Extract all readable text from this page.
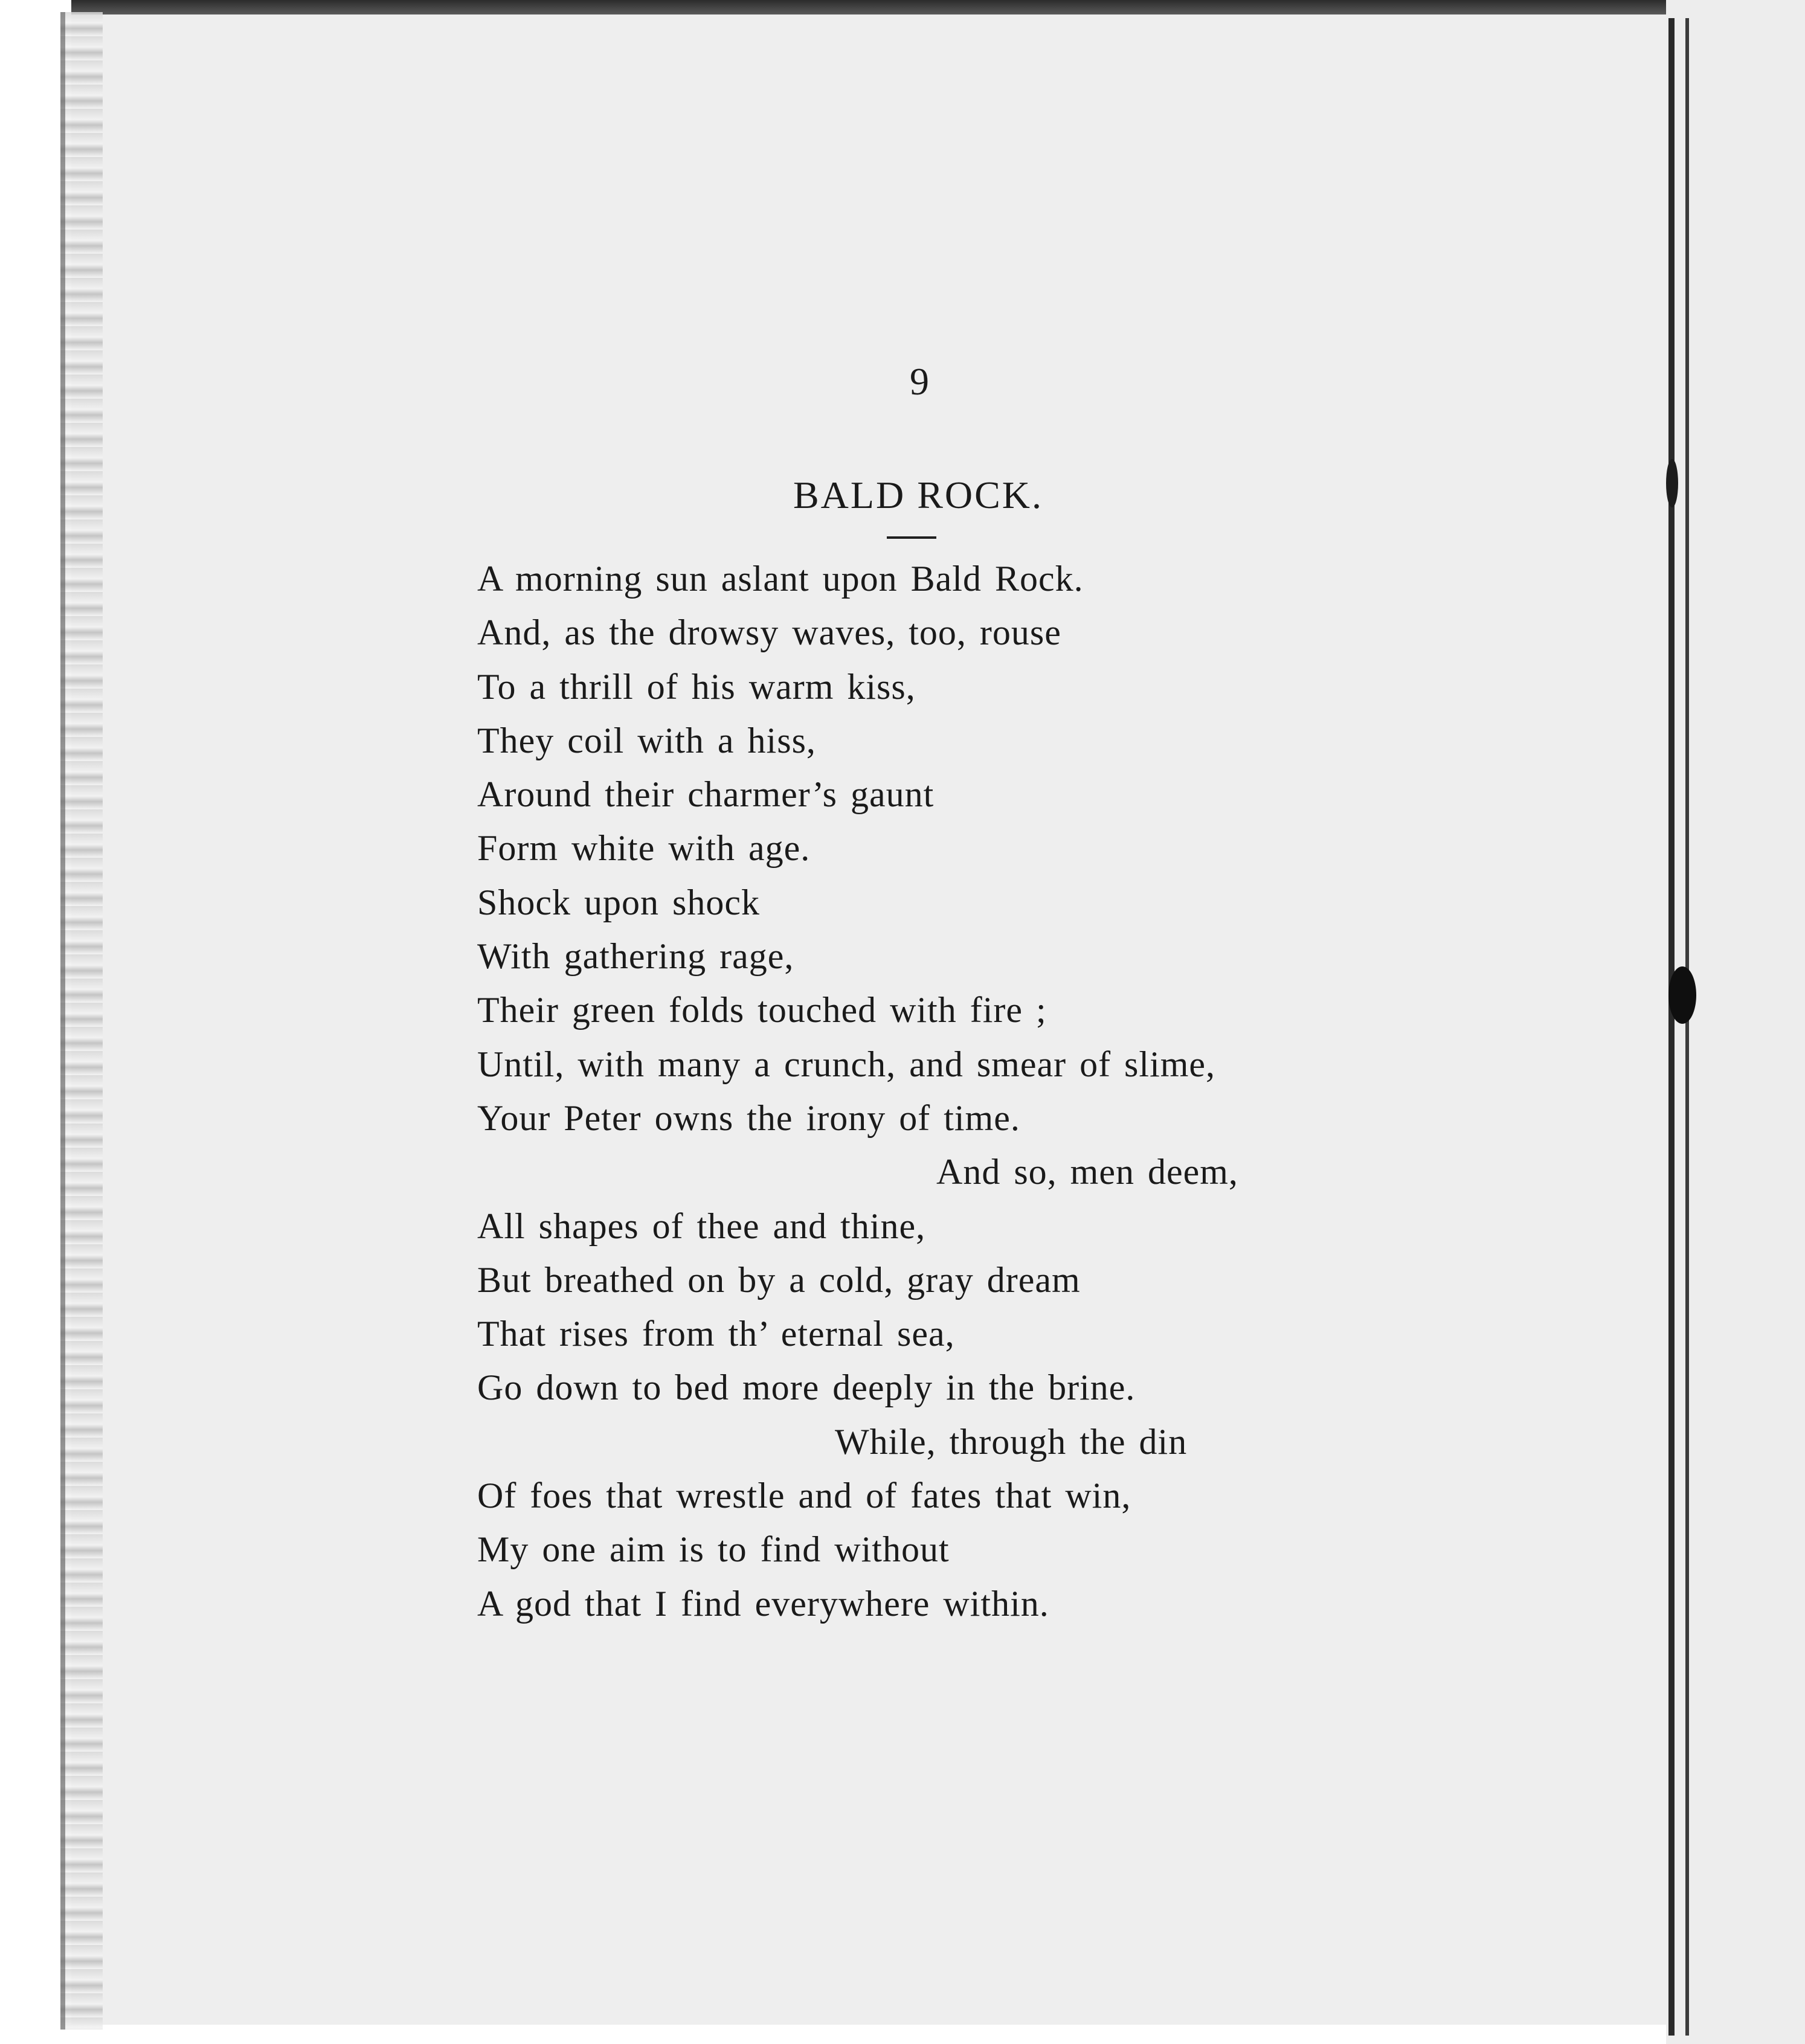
9
BALD ROCK.
A morning sun aslant upon Bald Rock.
And, as the drowsy waves, too, rouse
To a thrill of his warm kiss,
They coil with a hiss,
Around their charmer’s gaunt
Form white with age.
Shock upon shock
With gathering rage,
Their green folds touched with fire ;
Until, with many a crunch, and smear of slime,
Your Peter owns the irony of time.
And so, men deem,
All shapes of thee and thine,
But breathed on by a cold, gray dream
That rises from th’ eternal sea,
Go down to bed more deeply in the brine.
While, through the din
Of foes that wrestle and of fates that win,
My one aim is to find without
A god that I find everywhere within.
